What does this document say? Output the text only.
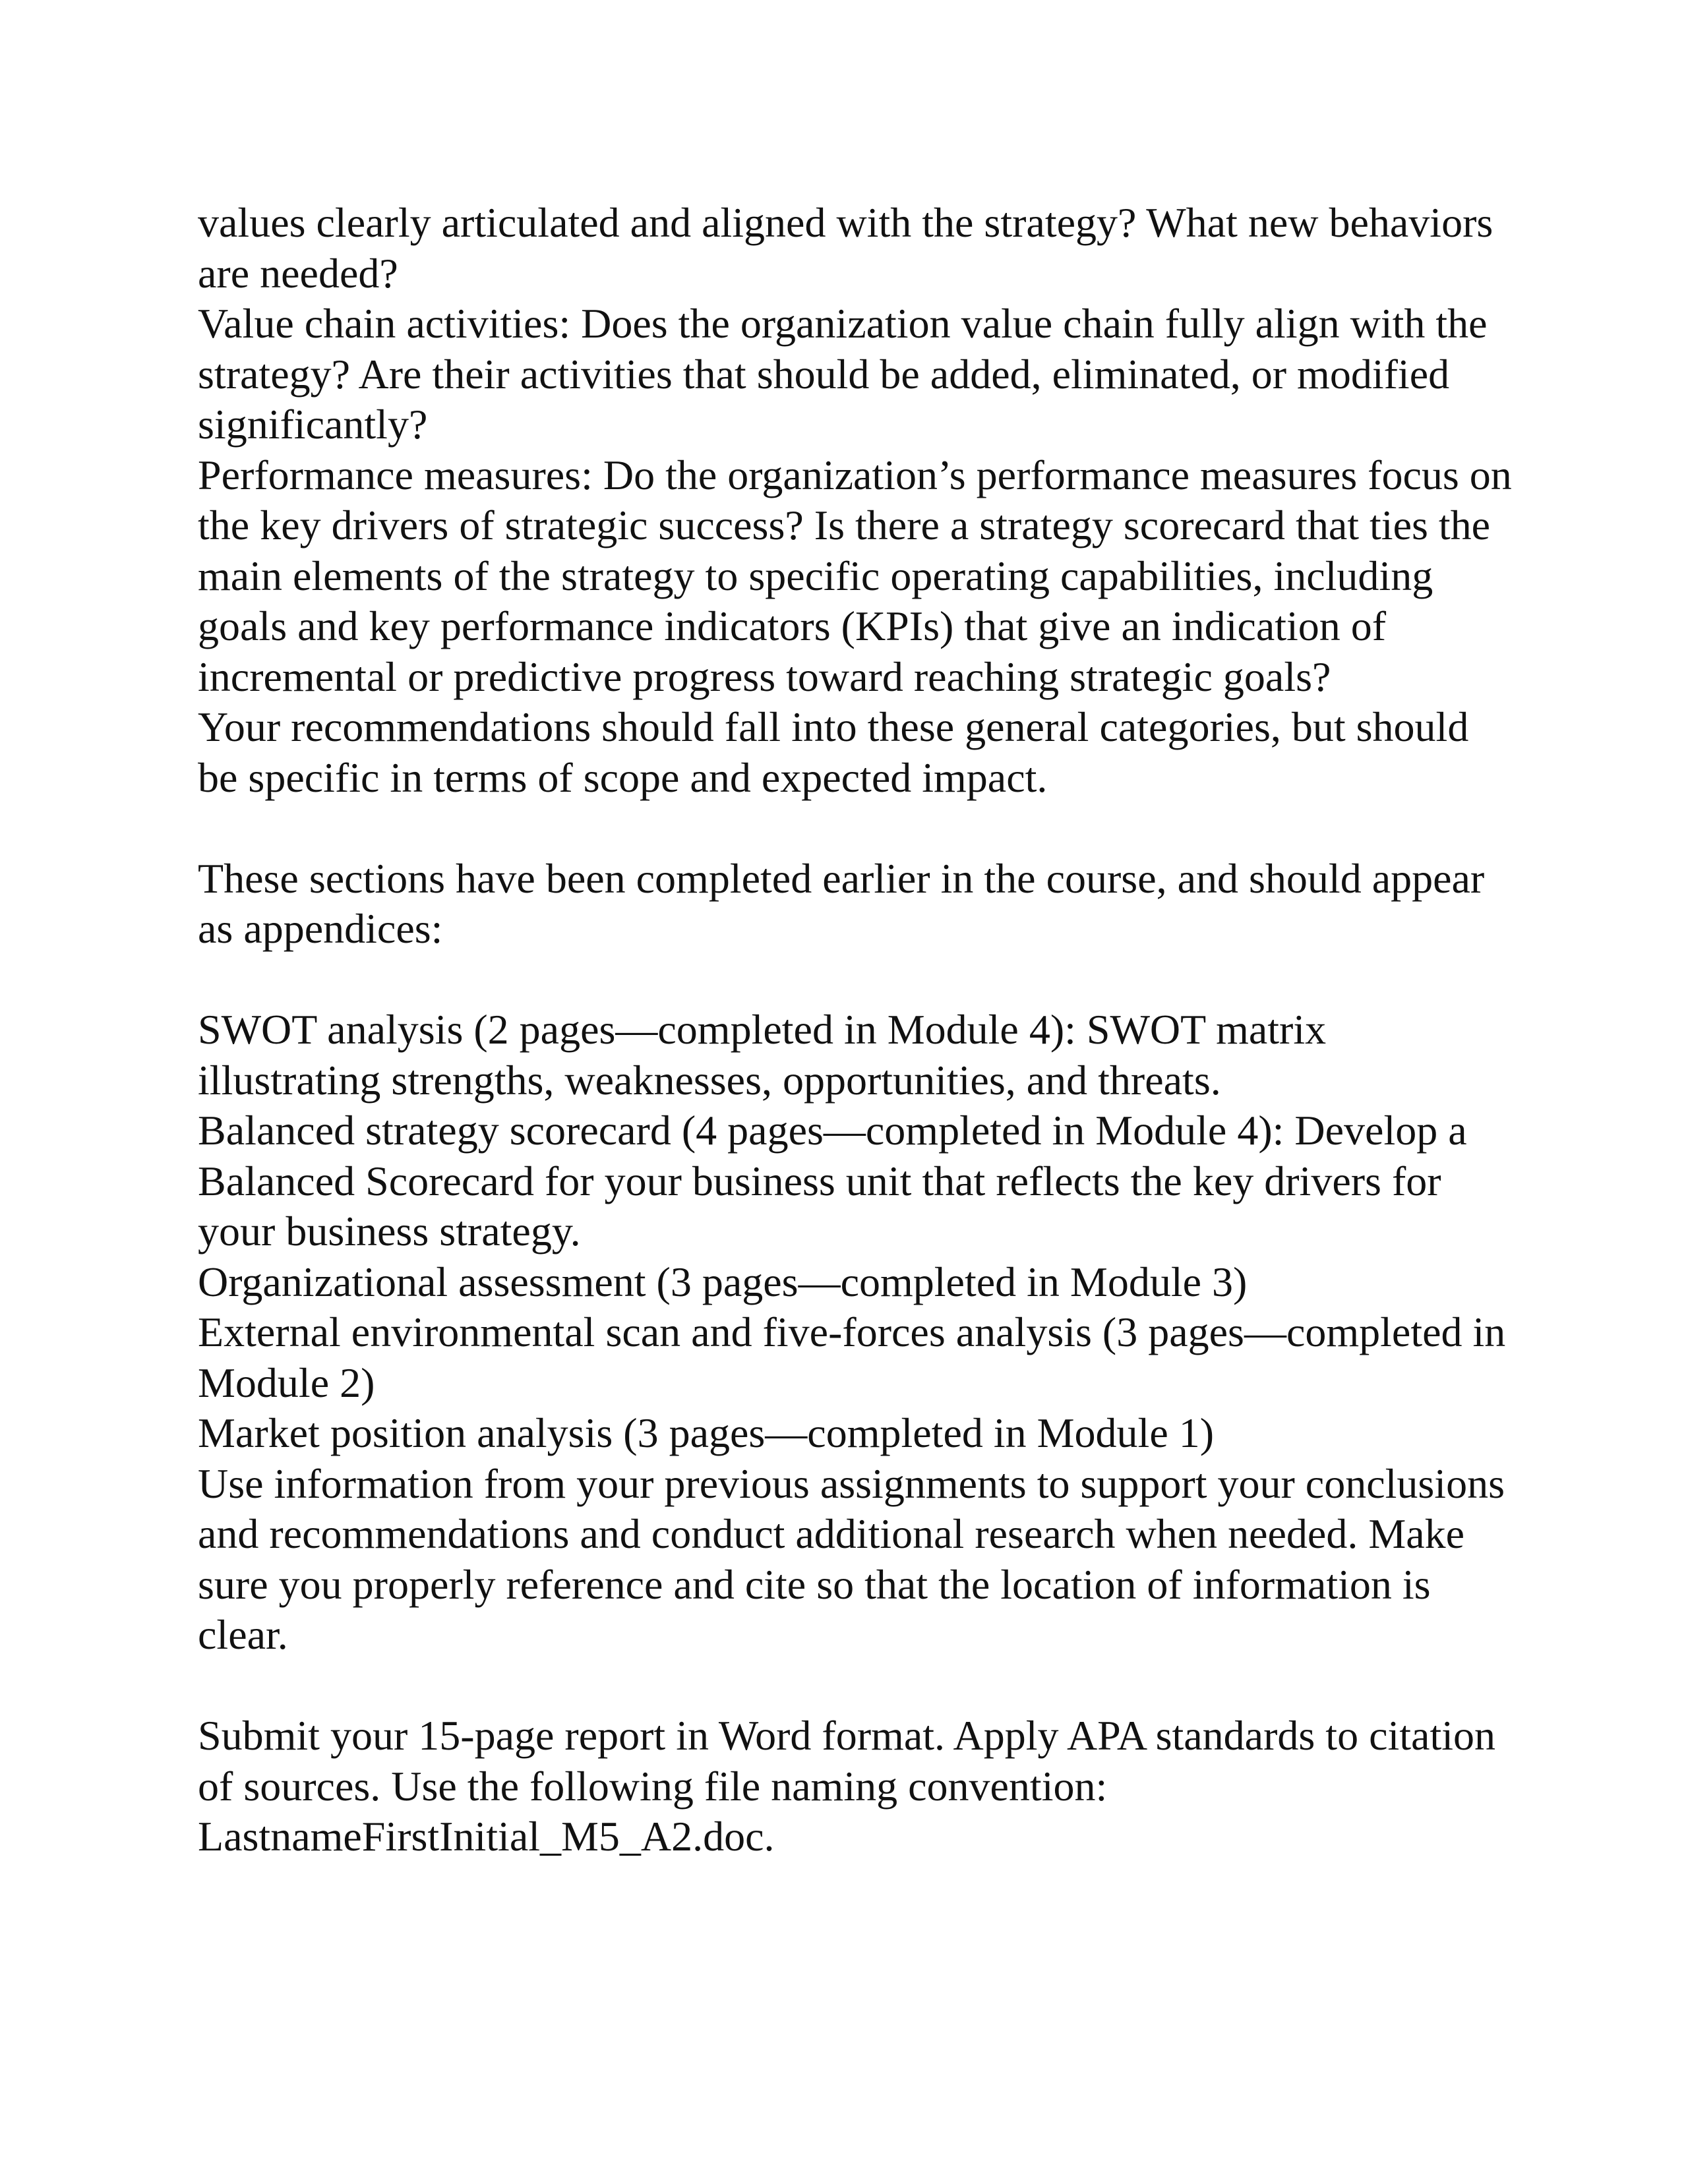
values clearly articulated and aligned with the strategy? What new behaviors are needed?

Value chain activities: Does the organization value chain fully align with the strategy? Are their activities that should be added, eliminated, or modified significantly?

Performance measures: Do the organization’s performance measures focus on the key drivers of strategic success? Is there a strategy scorecard that ties the main elements of the strategy to specific operating capabilities, including goals and key performance indicators (KPIs) that give an indication of incremental or predictive progress toward reaching strategic goals?

Your recommendations should fall into these general categories, but should be specific in terms of scope and expected impact.

These sections have been completed earlier in the course, and should appear as appendices:

SWOT analysis (2 pages—completed in Module 4): SWOT matrix illustrating strengths, weaknesses, opportunities, and threats.

Balanced strategy scorecard (4 pages—completed in Module 4): Develop a Balanced Scorecard for your business unit that reflects the key drivers for your business strategy.

Organizational assessment (3 pages—completed in Module 3)

External environmental scan and five-forces analysis (3 pages—completed in Module 2)

Market position analysis (3 pages—completed in Module 1)

Use information from your previous assignments to support your conclusions and recommendations and conduct additional research when needed. Make sure you properly reference and cite so that the location of information is clear.

Submit your 15-page report in Word format. Apply APA standards to citation of sources. Use the following file naming convention: LastnameFirstInitial_M5_A2.doc.
